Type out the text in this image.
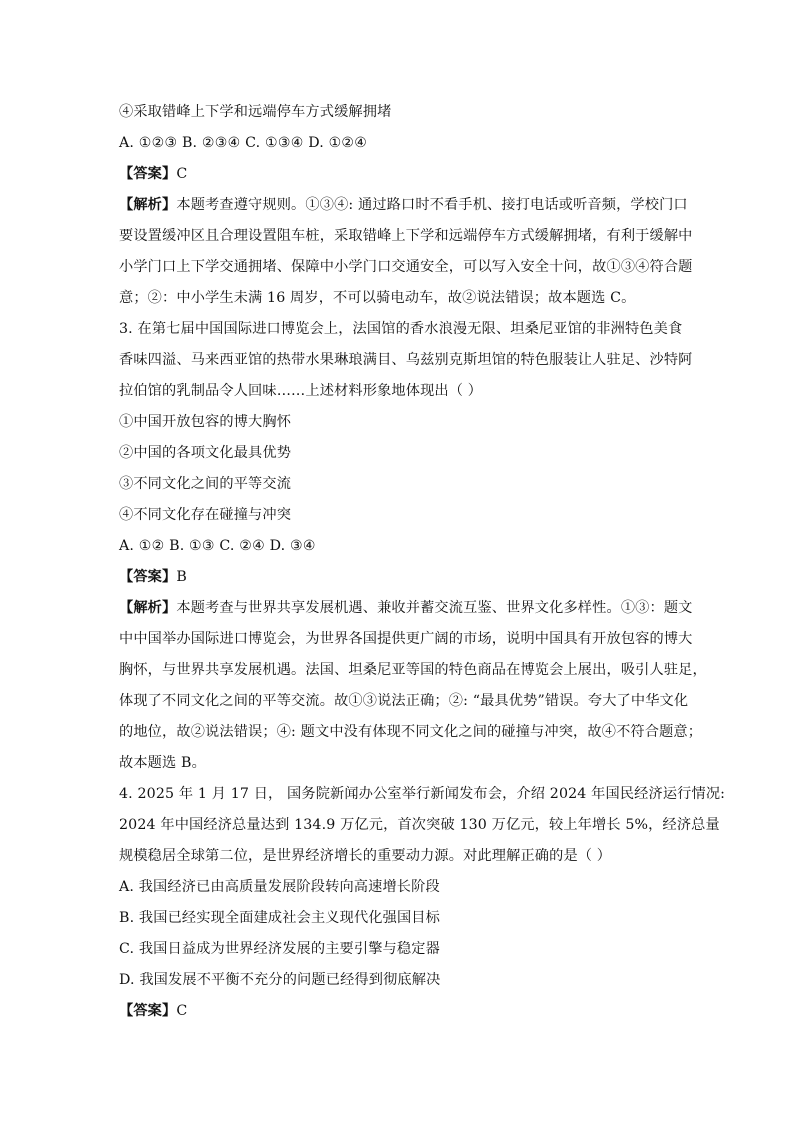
④采取错峰上下学和远端停车方式缓解拥堵
A. ①②③ B. ②③④ C. ①③④ D. ①②④
【答案】C
【解析】本题考查遵守规则。①③④: 通过路口时不看手机、接打电话或听音频，学校门口
要设置缓冲区且合理设置阻车桩，采取错峰上下学和远端停车方式缓解拥堵，有利于缓解中
小学门口上下学交通拥堵、保障中小学门口交通安全，可以写入安全十问，故①③④符合题
意；②：中小学生未满 16 周岁，不可以骑电动车，故②说法错误；故本题选 C。
3. 在第七届中国国际进口博览会上，法国馆的香水浪漫无限、坦桑尼亚馆的非洲特色美食
香味四溢、马来西亚馆的热带水果琳琅满目、乌兹别克斯坦馆的特色服装让人驻足、沙特阿
拉伯馆的乳制品令人回味……上述材料形象地体现出（ ）
①中国开放包容的博大胸怀
②中国的各项文化最具优势
③不同文化之间的平等交流
④不同文化存在碰撞与冲突
A. ①② B. ①③ C. ②④ D. ③④
【答案】B
【解析】本题考查与世界共享发展机遇、兼收并蓄交流互鉴、世界文化多样性。①③：题文
中中国举办国际进口博览会，为世界各国提供更广阔的市场，说明中国具有开放包容的博大
胸怀，与世界共享发展机遇。法国、坦桑尼亚等国的特色商品在博览会上展出，吸引人驻足，
体现了不同文化之间的平等交流。故①③说法正确；②: “最具优势”错误。夸大了中华文化
的地位，故②说法错误；④: 题文中没有体现不同文化之间的碰撞与冲突，故④不符合题意；
故本题选 B。
4. 2025 年 1 月 17 日， 国务院新闻办公室举行新闻发布会，介绍 2024 年国民经济运行情况:
2024 年中国经济总量达到 134.9 万亿元，首次突破 130 万亿元，较上年增长 5%，经济总量
规模稳居全球第二位，是世界经济增长的重要动力源。对此理解正确的是（ ）
A. 我国经济已由高质量发展阶段转向高速增长阶段
B. 我国已经实现全面建成社会主义现代化强国目标
C. 我国日益成为世界经济发展的主要引擎与稳定器
D. 我国发展不平衡不充分的问题已经得到彻底解决
【答案】C
